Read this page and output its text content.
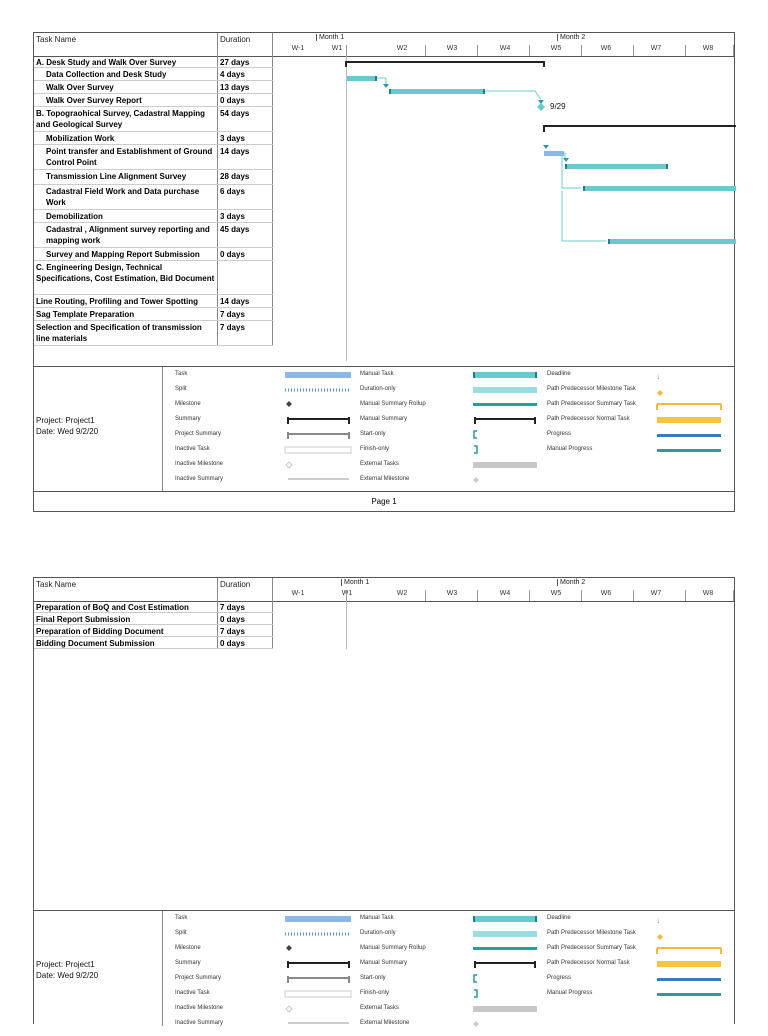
Task Name	Duration	Month 1	Month 2
W-1	W1	W2	W3	W4	W5	W6	W7	W8
A. Desk Study and Walk Over Survey	27 days
Data Collection and Desk Study	4 days
Walk Over Survey	13 days
Walk Over Survey Report	0 days
B. Topograohical Survey, Cadastral Mapping and Geological Survey
54 days
Mobilization Work	3 days
Point transfer and Establishment of Ground Control Point
14 days
Transmission Line Alignment Survey	28 days
Cadastral Field Work and Data purchase Work
6 days
Demobilization	3 days
Cadastral , Alignment survey reporting and mapping work
45 days
Survey and Mapping Report Submission	0 days
C. Engineering Design, Technical Specifications, Cost Estimation, Bid Document
Line Routing, Profiling and Tower Spotting	14 days
Sag Template Preparation	7 days
Selection and Specification of transmission line materials
7 days
9/29
Project: Project1
Date: Wed 9/2/20
Task
Split
Milestone
Summary
Project Summary
Inactive Task
Inactive Milestone
Inactive Summary
Manual Task
Duration-only
Manual Summary Rollup
Manual Summary
Start-only
Finish-only
External Tasks
External Milestone
Deadline
Path Predecessor Milestone Task
Path Predecessor Summary Task
Path Predecessor Normal Task
Progress
Manual Progress
↓
Page 1
Task Name	Duration	Month 1	Month 2
W-1	W1	W2	W3	W4	W5	W6	W7	W8
Preparation of BoQ and Cost Estimation	7 days
Final Report Submission	0 days
Preparation of Bidding Document	7 days
Bidding Document Submission	0 days
Project: Project1
Date: Wed 9/2/20
Task
Split
Milestone
Summary
Project Summary
Inactive Task
Inactive Milestone
Inactive Summary
Manual Task
Duration-only
Manual Summary Rollup
Manual Summary
Start-only
Finish-only
External Tasks
External Milestone
Deadline
Path Predecessor Milestone Task
Path Predecessor Summary Task
Path Predecessor Normal Task
Progress
Manual Progress
↓
